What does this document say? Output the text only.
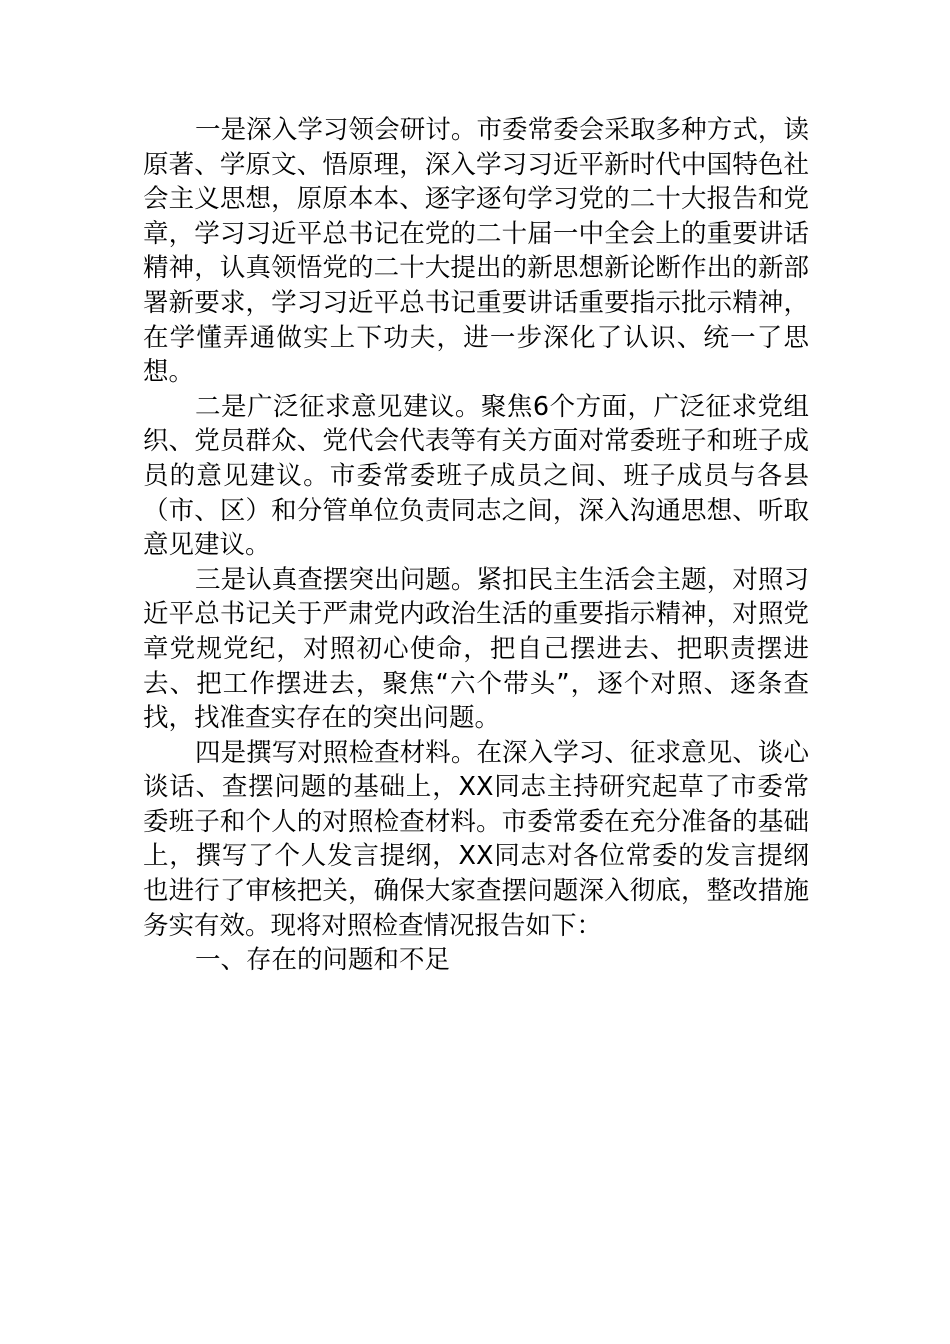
一是深入学习领会研讨。市委常委会采取多种方式，读原著、学原文、悟原理，深入学习习近平新时代中国特色社会主义思想，原原本本、逐字逐句学习党的二十大报告和党章，学习习近平总书记在党的二十届一中全会上的重要讲话精神，认真领悟党的二十大提出的新思想新论断作出的新部署新要求，学习习近平总书记重要讲话重要指示批示精神，在学懂弄通做实上下功夫，进一步深化了认识、统一了思想。

二是广泛征求意见建议。聚焦6个方面，广泛征求党组织、党员群众、党代会代表等有关方面对常委班子和班子成员的意见建议。市委常委班子成员之间、班子成员与各县（市、区）和分管单位负责同志之间，深入沟通思想、听取意见建议。

三是认真查摆突出问题。紧扣民主生活会主题，对照习近平总书记关于严肃党内政治生活的重要指示精神，对照党章党规党纪，对照初心使命，把自己摆进去、把职责摆进去、把工作摆进去，聚焦“六个带头”，逐个对照、逐条查找，找准查实存在的突出问题。

四是撰写对照检查材料。在深入学习、征求意见、谈心谈话、查摆问题的基础上，XX同志主持研究起草了市委常委班子和个人的对照检查材料。市委常委在充分准备的基础上，撰写了个人发言提纲，XX同志对各位常委的发言提纲也进行了审核把关，确保大家查摆问题深入彻底，整改措施务实有效。现将对照检查情况报告如下：

一、存在的问题和不足
